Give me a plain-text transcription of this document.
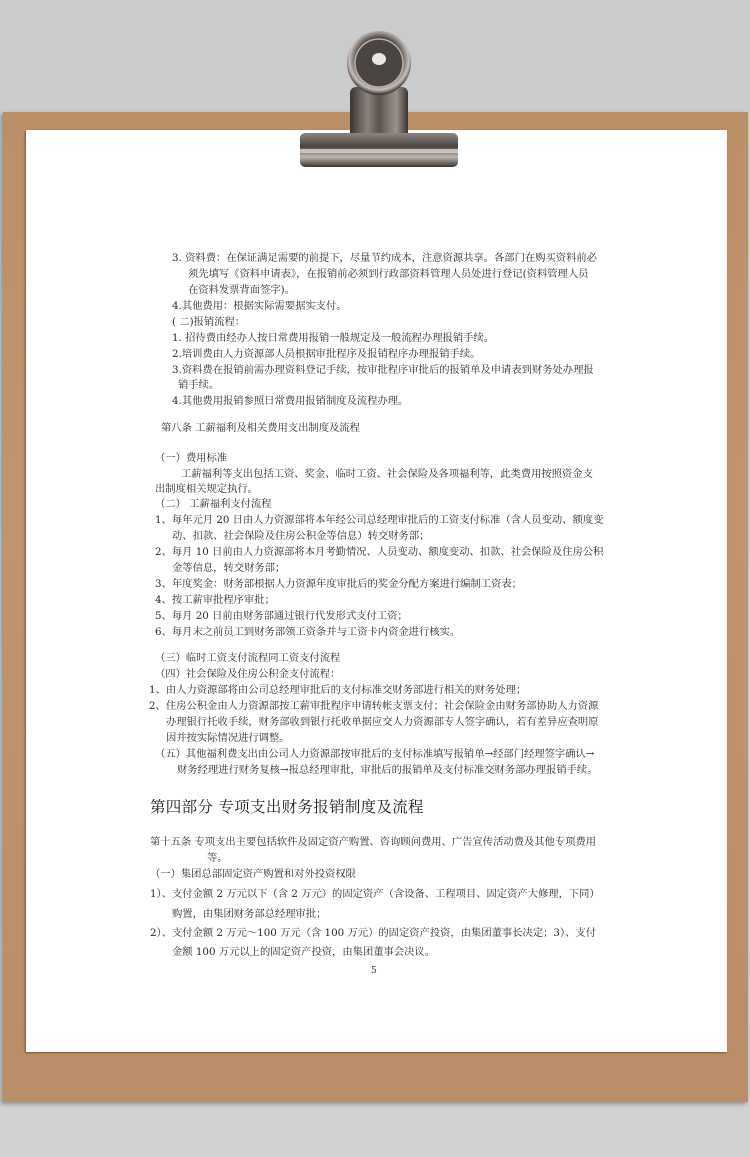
3. 资料费：在保证满足需要的前提下，尽量节约成本，注意资源共享。各部门在购买资料前必
须先填写《资料申请表》，在报销前必须到行政部资料管理人员处进行登记(资料管理人员
在资料发票背面签字)。
4.其他费用：根据实际需要据实支付。
( 二)报销流程：
1. 招待费由经办人按日常费用报销一般规定及一般流程办理报销手续。
2.培训费由人力资源部人员根据审批程序及报销程序办理报销手续。
3.资料费在报销前需办理资料登记手续，按审批程序审批后的报销单及申请表到财务处办理报
销手续。
4.其他费用报销参照日常费用报销制度及流程办理。
第八条 工薪福利及相关费用支出制度及流程
（一）费用标准
工薪福利等支出包括工资、奖金、临时工资、社会保险及各项福利等，此类费用按照资金支
出制度相关规定执行。
（二） 工薪福利支付流程
1、每年元月 20 日由人力资源部将本年经公司总经理审批后的工资支付标准（含人员变动、额度变
动、扣款、社会保险及住房公积金等信息）转交财务部；
2、每月 10 日前由人力资源部将本月考勤情况、人员变动、额度变动、扣款、社会保险及住房公积
金等信息，转交财务部；
3、年度奖金：财务部根据人力资源年度审批后的奖金分配方案进行编制工资表；
4、按工薪审批程序审批；
5、每月 20 日前由财务部通过银行代发形式支付工资；
6、每月末之前员工到财务部领工资条并与工资卡内资金进行核实。
（三）临时工资支付流程同工资支付流程
（四）社会保险及住房公积金支付流程：
1、由人力资源部将由公司总经理审批后的支付标准交财务部进行相关的财务处理；
2、住房公积金由人力资源部按工薪审批程序申请转帐支票支付；社会保险金由财务部协助人力资源
办理银行托收手续，财务部收到银行托收单据应交人力资源部专人签字确认，若有差异应查明原
因并按实际情况进行调整。
（五）其他福利费支出由公司人力资源部按审批后的支付标准填写报销单→经部门经理签字确认→
财务经理进行财务复核→报总经理审批，审批后的报销单及支付标准交财务部办理报销手续。
第四部分 专项支出财务报销制度及流程
第十五条 专项支出主要包括软件及固定资产购置、咨询顾问费用、广告宣传活动费及其他专项费用
等。
（一）集团总部固定资产购置和对外投资权限
1）、支付金额 2 万元以下（含 2 万元）的固定资产（含设备、工程项目、固定资产大修理，下同）
购置，由集团财务部总经理审批；
2）、支付金额 2 万元～100 万元（含 100 万元）的固定资产投资，由集团董事长决定；3）、支付
金额 100 万元以上的固定资产投资，由集团董事会决议。
5
